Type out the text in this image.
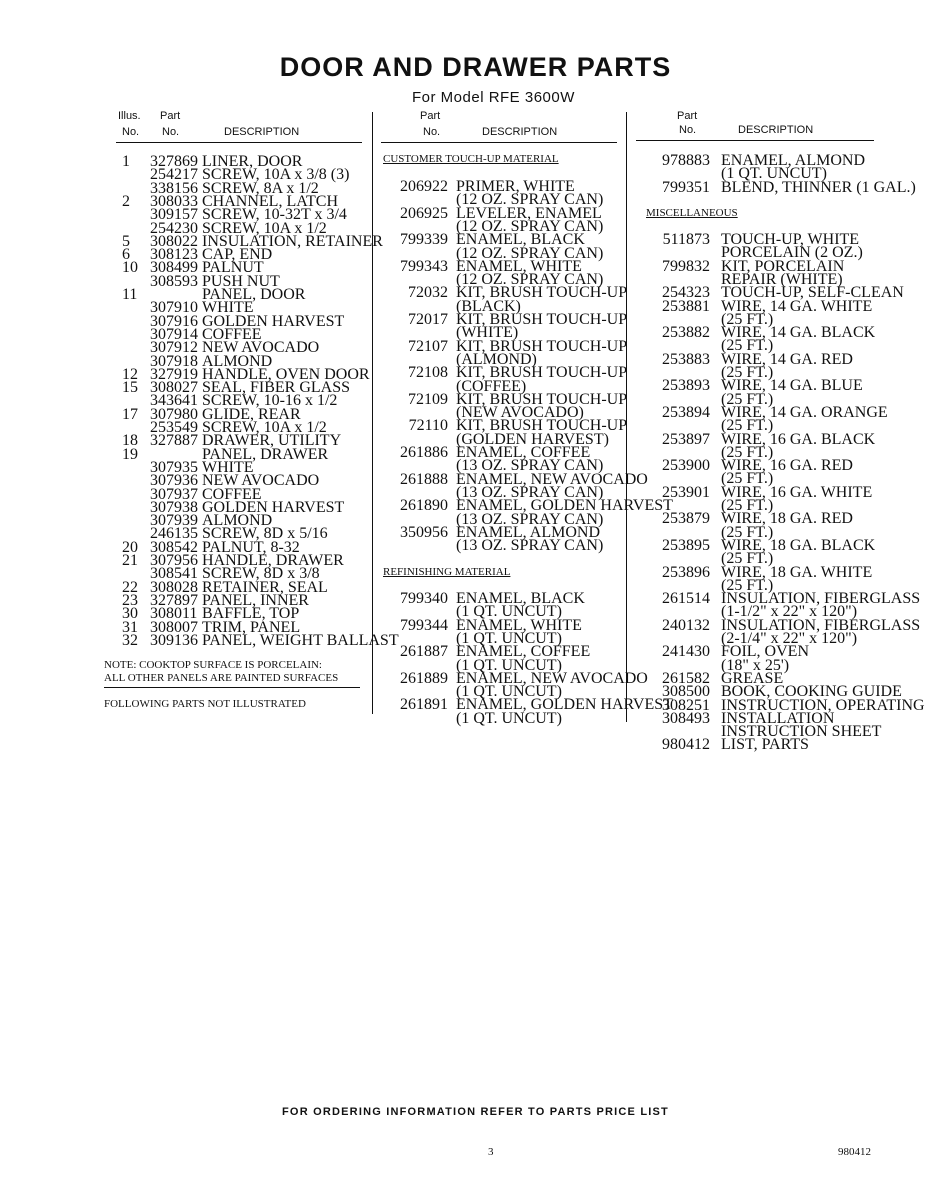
DOOR AND DRAWER PARTS
For Model RFE 3600W
Illus. Part
No. No.	DESCRIPTION
Part
No.	DESCRIPTION
Part
No.	DESCRIPTION
1 327869 LINER, DOOR
254217 SCREW, 10A x 3/8 (3)
338156 SCREW, 8A x 1/2
2 308033 CHANNEL, LATCH
309157 SCREW, 10-32T x 3/4
254230 SCREW, 10A x 1/2
5 308022 INSULATION, RETAINER
6 308123 CAP, END
10 308499 PALNUT
308593 PUSH NUT
11	PANEL, DOOR
307910 WHITE
307916 GOLDEN HARVEST
307914 COFFEE
307912 NEW AVOCADO
307918 ALMOND
12 327919 HANDLE, OVEN DOOR
15 308027 SEAL, FIBER GLASS
343641 SCREW, 10-16 x 1/2
17 307980 GLIDE, REAR
253549 SCREW, 10A x 1/2
18 327887 DRAWER, UTILITY
19	PANEL, DRAWER
307935 WHITE
307936 NEW AVOCADO
307937 COFFEE
307938 GOLDEN HARVEST
307939 ALMOND
246135 SCREW, 8D x 5/16
20 308542 PALNUT, 8-32
21 307956 HANDLE, DRAWER
308541 SCREW, 8D x 3/8
22 308028 RETAINER, SEAL
23 327897 PANEL, INNER
30 308011 BAFFLE, TOP
31 308007 TRIM, PANEL
32 309136 PANEL, WEIGHT BALLAST
NOTE: COOKTOP SURFACE IS PORCELAIN:
ALL OTHER PANELS ARE PAINTED SURFACES
FOLLOWING PARTS NOT ILLUSTRATED
CUSTOMER TOUCH-UP MATERIAL
206922 PRIMER, WHITE
(12 OZ. SPRAY CAN)
206925 LEVELER, ENAMEL
(12 OZ. SPRAY CAN)
799339 ENAMEL, BLACK
(12 OZ. SPRAY CAN)
799343 ENAMEL, WHITE
(12 OZ. SPRAY CAN)
72032 KIT, BRUSH TOUCH-UP
(BLACK)
72017 KIT, BRUSH TOUCH-UP
(WHITE)
72107 KIT, BRUSH TOUCH-UP
(ALMOND)
72108 KIT, BRUSH TOUCH-UP
(COFFEE)
72109 KIT, BRUSH TOUCH-UP
(NEW AVOCADO)
72110 KIT, BRUSH TOUCH-UP
(GOLDEN HARVEST)
261886 ENAMEL, COFFEE
(13 OZ. SPRAY CAN)
261888 ENAMEL, NEW AVOCADO
(13 OZ. SPRAY CAN)
261890 ENAMEL, GOLDEN HARVEST
(13 OZ. SPRAY CAN)
350956 ENAMEL, ALMOND
(13 OZ. SPRAY CAN)
REFINISHING MATERIAL
799340 ENAMEL, BLACK
(1 QT. UNCUT)
799344 ENAMEL, WHITE
(1 QT. UNCUT)
261887 ENAMEL, COFFEE
(1 QT. UNCUT)
261889 ENAMEL, NEW AVOCADO
(1 QT. UNCUT)
261891 ENAMEL, GOLDEN HARVEST
(1 QT. UNCUT)
978883 ENAMEL, ALMOND
(1 QT. UNCUT)
799351 BLEND, THINNER (1 GAL.)
MISCELLANEOUS
511873 TOUCH-UP, WHITE
PORCELAIN (2 OZ.)
799832 KIT, PORCELAIN
REPAIR (WHITE)
254323 TOUCH-UP, SELF-CLEAN
253881 WIRE, 14 GA. WHITE
(25 FT.)
253882 WIRE, 14 GA. BLACK
(25 FT.)
253883 WIRE, 14 GA. RED
(25 FT.)
253893 WIRE, 14 GA. BLUE
(25 FT.)
253894 WIRE, 14 GA. ORANGE
(25 FT.)
253897 WIRE, 16 GA. BLACK
(25 FT.)
253900 WIRE, 16 GA. RED
(25 FT.)
253901 WIRE, 16 GA. WHITE
(25 FT.)
253879 WIRE, 18 GA. RED
(25 FT.)
253895 WIRE, 18 GA. BLACK
(25 FT.)
253896 WIRE, 18 GA. WHITE
(25 FT.)
261514 INSULATION, FIBERGLASS
(1-1/2" x 22" x 120")
240132 INSULATION, FIBERGLASS
(2-1/4" x 22" x 120")
241430 FOIL, OVEN
(18" x 25')
261582 GREASE
308500 BOOK, COOKING GUIDE
308251 INSTRUCTION, OPERATING
308493 INSTALLATION
INSTRUCTION SHEET
980412 LIST, PARTS
FOR ORDERING INFORMATION REFER TO PARTS PRICE LIST
3	980412
